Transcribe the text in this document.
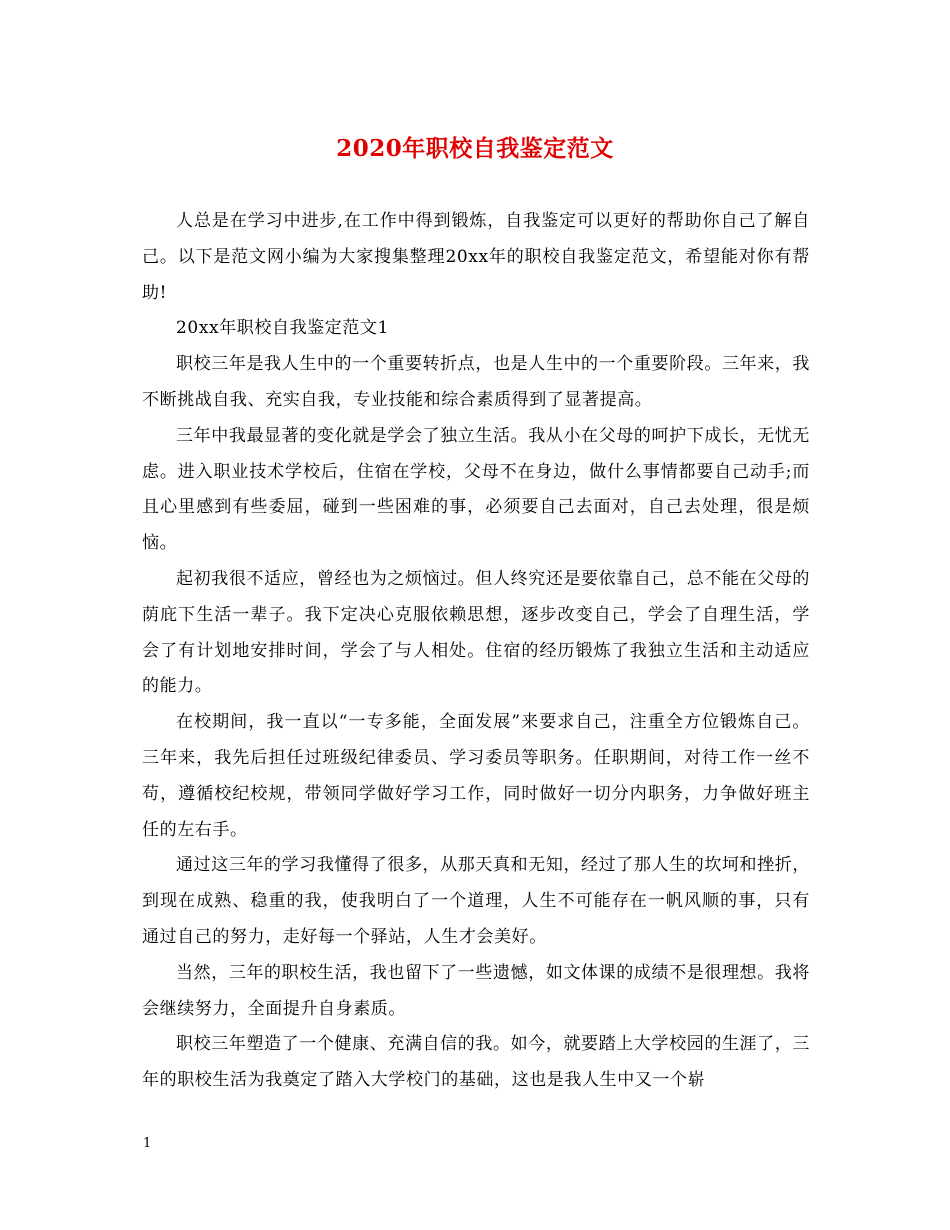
2020年职校自我鉴定范文

人总是在学习中进步,在工作中得到锻炼，自我鉴定可以更好的帮助你自己了解自己。以下是范文网小编为大家搜集整理20xx年的职校自我鉴定范文，希望能对你有帮助!

20xx年职校自我鉴定范文1

职校三年是我人生中的一个重要转折点，也是人生中的一个重要阶段。三年来，我不断挑战自我、充实自我，专业技能和综合素质得到了显著提高。

三年中我最显著的变化就是学会了独立生活。我从小在父母的呵护下成长，无忧无虑。进入职业技术学校后，住宿在学校，父母不在身边，做什么事情都要自己动手;而且心里感到有些委屈，碰到一些困难的事，必须要自己去面对，自己去处理，很是烦恼。

起初我很不适应，曾经也为之烦恼过。但人终究还是要依靠自己，总不能在父母的荫庇下生活一辈子。我下定决心克服依赖思想，逐步改变自己，学会了自理生活，学会了有计划地安排时间，学会了与人相处。住宿的经历锻炼了我独立生活和主动适应的能力。

在校期间，我一直以“一专多能，全面发展”来要求自己，注重全方位锻炼自己。三年来，我先后担任过班级纪律委员、学习委员等职务。任职期间，对待工作一丝不苟，遵循校纪校规，带领同学做好学习工作，同时做好一切分内职务，力争做好班主任的左右手。

通过这三年的学习我懂得了很多，从那天真和无知，经过了那人生的坎坷和挫折，到现在成熟、稳重的我，使我明白了一个道理，人生不可能存在一帆风顺的事，只有通过自己的努力，走好每一个驿站，人生才会美好。

当然，三年的职校生活，我也留下了一些遗憾，如文体课的成绩不是很理想。我将会继续努力，全面提升自身素质。

职校三年塑造了一个健康、充满自信的我。如今，就要踏上大学校园的生涯了，三年的职校生活为我奠定了踏入大学校门的基础，这也是我人生中又一个崭

1
